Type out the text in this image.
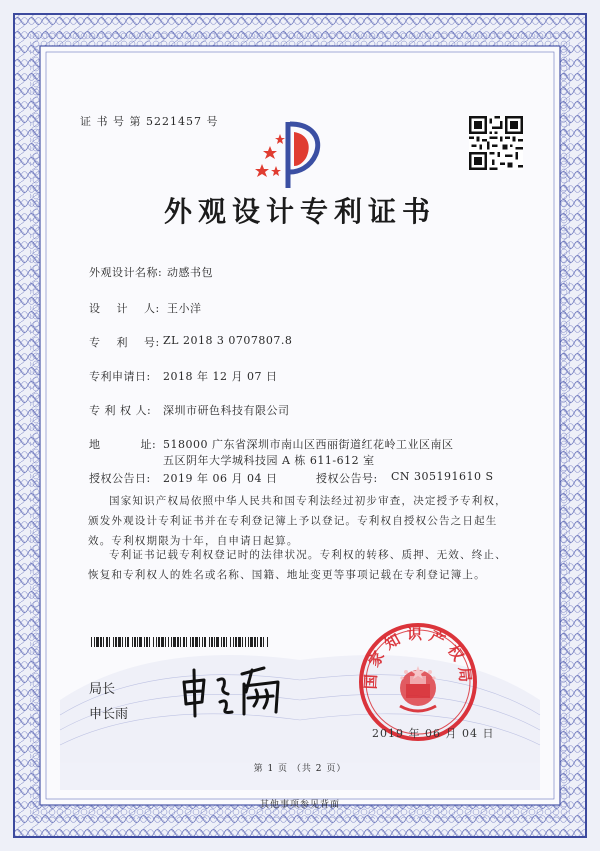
证 书 号 第 5221457 号
外观设计专利证书
外观设计名称: 动感书包
设    计    人: 王小洋
专    利    号: ZL 2018 3 0707807.8
专利申请日: 2018 年 12 月 07 日
专 利 权 人: 深圳市研色科技有限公司
地          址: 518000 广东省深圳市南山区西丽街道红花岭工业区南区
五区阴年大学城科技园 A 栋 611-612 室
授权公告日: 2019 年 06 月 04 日	授权公告号: CN 305191610 S
国家知识产权局依照中华人民共和国专利法经过初步审查，决定授予专利权，颁发外观设计专利证书并在专利登记簿上予以登记。专利权自授权公告之日起生效。专利权期限为十年，自申请日起算。
专利证书记载专利权登记时的法律状况。专利权的转移、质押、无效、终止、恢复和专利权人的姓名或名称、国籍、地址变更等事项记载在专利登记簿上。
局长
申长雨
国家知识产权局
2019 年 06 月 04 日
第 1 页 （共 2 页）
其他事项参见背面
